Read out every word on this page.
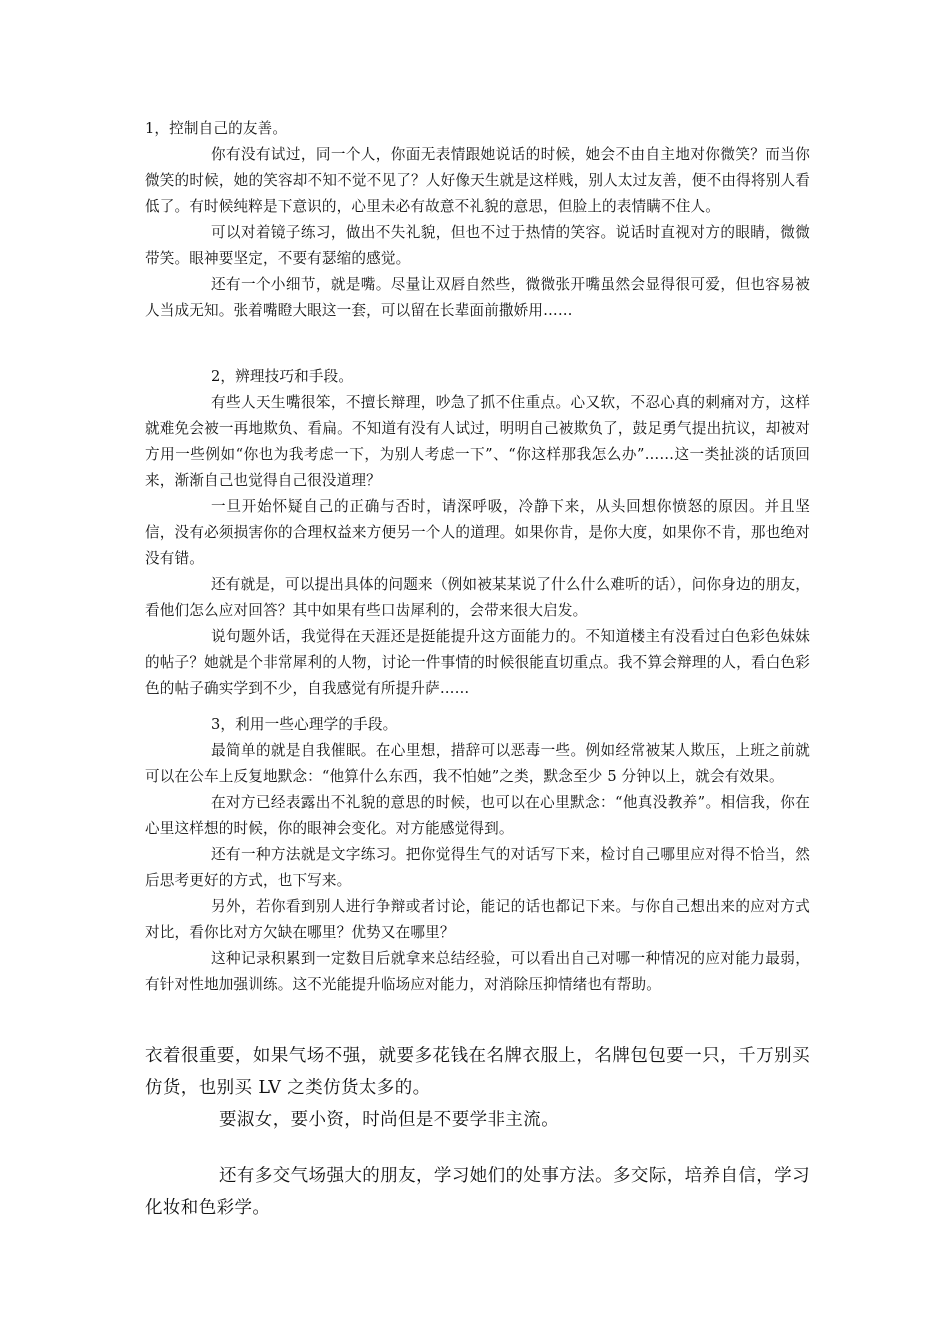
1，控制自己的友善。

你有没有试过，同一个人，你面无表情跟她说话的时候，她会不由自主地对你微笑？而当你微笑的时候，她的笑容却不知不觉不见了？人好像天生就是这样贱，别人太过友善，便不由得将别人看低了。有时候纯粹是下意识的，心里未必有故意不礼貌的意思，但脸上的表情瞒不住人。

可以对着镜子练习，做出不失礼貌，但也不过于热情的笑容。说话时直视对方的眼睛，微微带笑。眼神要坚定，不要有瑟缩的感觉。

还有一个小细节，就是嘴。尽量让双唇自然些，微微张开嘴虽然会显得很可爱，但也容易被人当成无知。张着嘴瞪大眼这一套，可以留在长辈面前撒娇用……

2，辨理技巧和手段。

有些人天生嘴很笨，不擅长辩理，吵急了抓不住重点。心又软，不忍心真的刺痛对方，这样就难免会被一再地欺负、看扁。不知道有没有人试过，明明自己被欺负了，鼓足勇气提出抗议，却被对方用一些例如“你也为我考虑一下，为别人考虑一下”、“你这样那我怎么办”……这一类扯淡的话顶回来，渐渐自己也觉得自己很没道理？

一旦开始怀疑自己的正确与否时，请深呼吸，冷静下来，从头回想你愤怒的原因。并且坚信，没有必须损害你的合理权益来方便另一个人的道理。如果你肯，是你大度，如果你不肯，那也绝对没有错。

还有就是，可以提出具体的问题来（例如被某某说了什么什么难听的话），问你身边的朋友，看他们怎么应对回答？其中如果有些口齿犀利的，会带来很大启发。

说句题外话，我觉得在天涯还是挺能提升这方面能力的。不知道楼主有没看过白色彩色妹妹的帖子？她就是个非常犀利的人物，讨论一件事情的时候很能直切重点。我不算会辩理的人，看白色彩色的帖子确实学到不少，自我感觉有所提升萨……

3，利用一些心理学的手段。

最简单的就是自我催眠。在心里想，措辞可以恶毒一些。例如经常被某人欺压，上班之前就可以在公车上反复地默念：“他算什么东西，我不怕她”之类，默念至少 5 分钟以上，就会有效果。

在对方已经表露出不礼貌的意思的时候，也可以在心里默念：“他真没教养”。相信我，你在心里这样想的时候，你的眼神会变化。对方能感觉得到。

还有一种方法就是文字练习。把你觉得生气的对话写下来，检讨自己哪里应对得不恰当，然后思考更好的方式，也下写来。

另外，若你看到别人进行争辩或者讨论，能记的话也都记下来。与你自己想出来的应对方式对比，看你比对方欠缺在哪里？优势又在哪里？

这种记录积累到一定数目后就拿来总结经验，可以看出自己对哪一种情况的应对能力最弱，有针对性地加强训练。这不光能提升临场应对能力，对消除压抑情绪也有帮助。

衣着很重要，如果气场不强，就要多花钱在名牌衣服上，名牌包包要一只，千万别买仿货，也别买 LV 之类仿货太多的。

要淑女，要小资，时尚但是不要学非主流。

还有多交气场强大的朋友，学习她们的处事方法。多交际，培养自信，学习化妆和色彩学。
